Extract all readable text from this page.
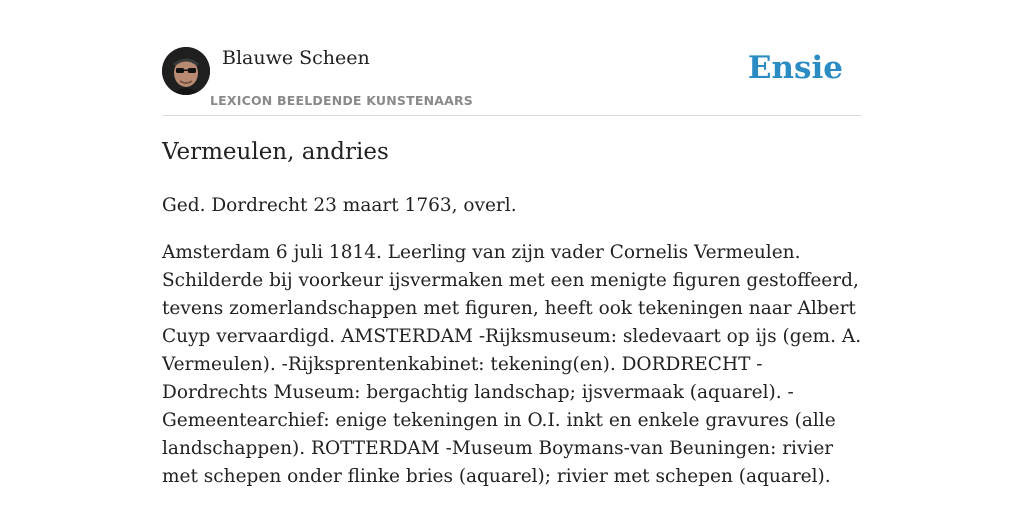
Blauwe Scheen
LEXICON BEELDENDE KUNSTENAARS
Ensie
Vermeulen, andries

Ged. Dordrecht 23 maart 1763, overl.

Amsterdam 6 juli 1814. Leerling van zijn vader Cornelis Vermeulen. Schilderde bij voorkeur ijsvermaken met een menigte figuren gestoffeerd, tevens zomerlandschappen met figuren, heeft ook tekeningen naar Albert Cuyp vervaardigd. AMSTERDAM -Rijksmuseum: sledevaart op ijs (gem. A. Vermeulen). -Rijksprentenkabinet: tekening(en). DORDRECHT -Dordrechts Museum: bergachtig landschap; ijsvermaak (aquarel). -Gemeentearchief: enige tekeningen in O.I. inkt en enkele gravures (alle landschappen). ROTTERDAM -Museum Boymans-van Beuningen: rivier met schepen onder flinke bries (aquarel); rivier met schepen (aquarel).
